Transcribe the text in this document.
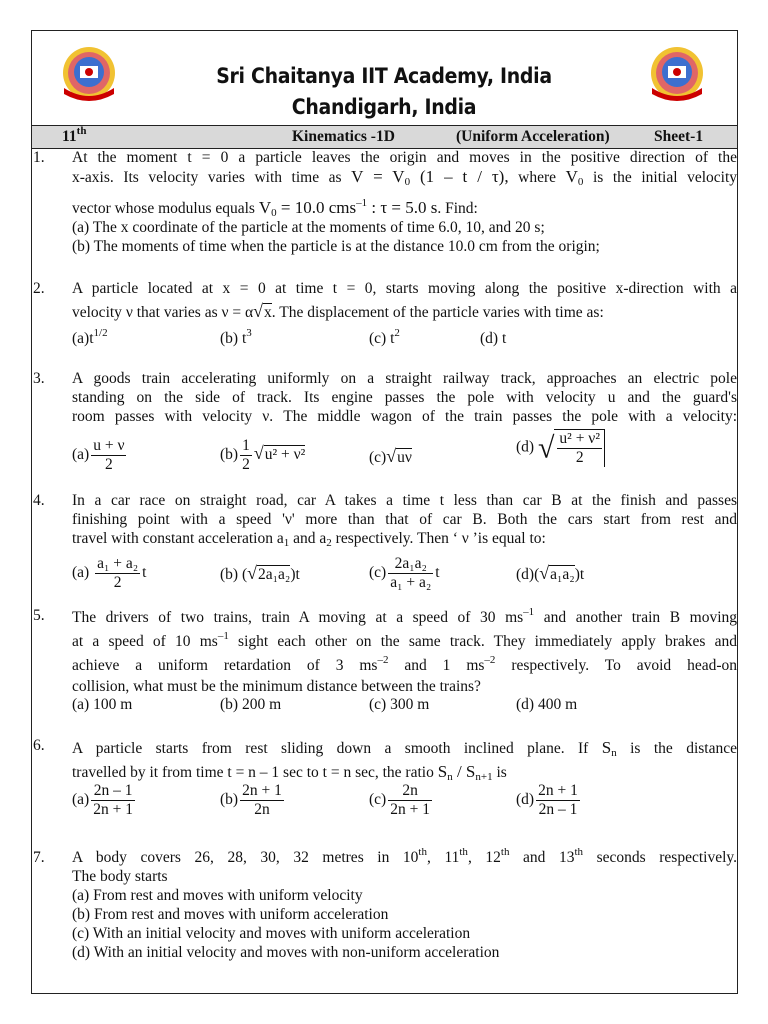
Sri Chaitanya IIT Academy, India
Chandigarh, India
11th	Kinematics -1D	(Uniform Acceleration)	Sheet-1
1. At the moment t = 0 a particle leaves the origin and moves in the positive direction of the
x-axis. Its velocity varies with time as $V = V_0$ (1 – t / τ), where $V_0$ is the initial velocity
vector whose modulus equals $V_0 = 10.0$ cms$^{-1}$ : τ = 5.0 s. Find:
(a) The x coordinate of the particle at the moments of time 6.0, 10, and 20 s;
(b) The moments of time when the particle is at the distance 10.0 cm from the origin;
2. A particle located at x = 0 at time t = 0, starts moving along the positive x-direction with a
velocity ν that varies as ν = α√x. The displacement of the particle varies with time as:
$(a)t^{1/2}$	(b) $t^3$	(c) $t^2$	(d) t
3. A goods train accelerating uniformly on a straight railway track, approaches an electric pole
standing on the side of track. Its engine passes the pole with velocity u and the guard's
room passes with velocity ν. The middle wagon of the train passes the pole with a velocity:
$(a) \frac{u + \nu}{2}$	$(b) \frac{1}{2} √u^2 + \nu^2$	(c)√uν
(d) √ $\frac{\text{u² + ν²}}{2}$
4. In a car race on straight road, car A takes a time t less than car B at the finish and passes
finishing point with a speed 'ν' more than that of car B. Both the cars start from rest and
travel with constant acceleration $a_1$ and $a_2$ respectively. Then ‘ ν ’is equal to:
$(a) \frac{\text{a₁ + a₂}}{2}$ t	(b) (√2a₁a₂)t	$(c) \frac{\text{2a₁a₂}}{\text{a₁ + a₂}}$ t	(d)(√a₁a₂)t
5. The drivers of two trains, train A moving at a speed of 30 $ms^{-1}$ and another train B moving
at a speed of 10 $ms^{-1}$ sight each other on the same track. They immediately apply brakes and
achieve a uniform retardation of 3 $ms^{-2}$ and 1 $ms^{-2}$ respectively. To avoid head-on
collision, what must be the minimum distance between the trains?
(a) 100 m	(b) 200 m	(c) 300 m	(d) 400 m
6. A particle starts from rest sliding down a smooth inclined plane. If $S_n$ is the distance
travelled by it from time t = n – 1 sec to t = n sec, the ratio $S_n / S_{n+1}$ is
$(a) \frac{2n - 1}{2n + 1}$	$(b) \frac{2n + 1}{2n}$	$(c) \frac{2n}{2n + 1}$	$(d) \frac{2n + 1}{2n - 1}$
7. A body covers 26, 28, 30, 32 metres in 10th, 11th, 12th and 13th seconds respectively.
The body starts
(a) From rest and moves with uniform velocity
(b) From rest and moves with uniform acceleration
(c) With an initial velocity and moves with uniform acceleration
(d) With an initial velocity and moves with non-uniform acceleration
